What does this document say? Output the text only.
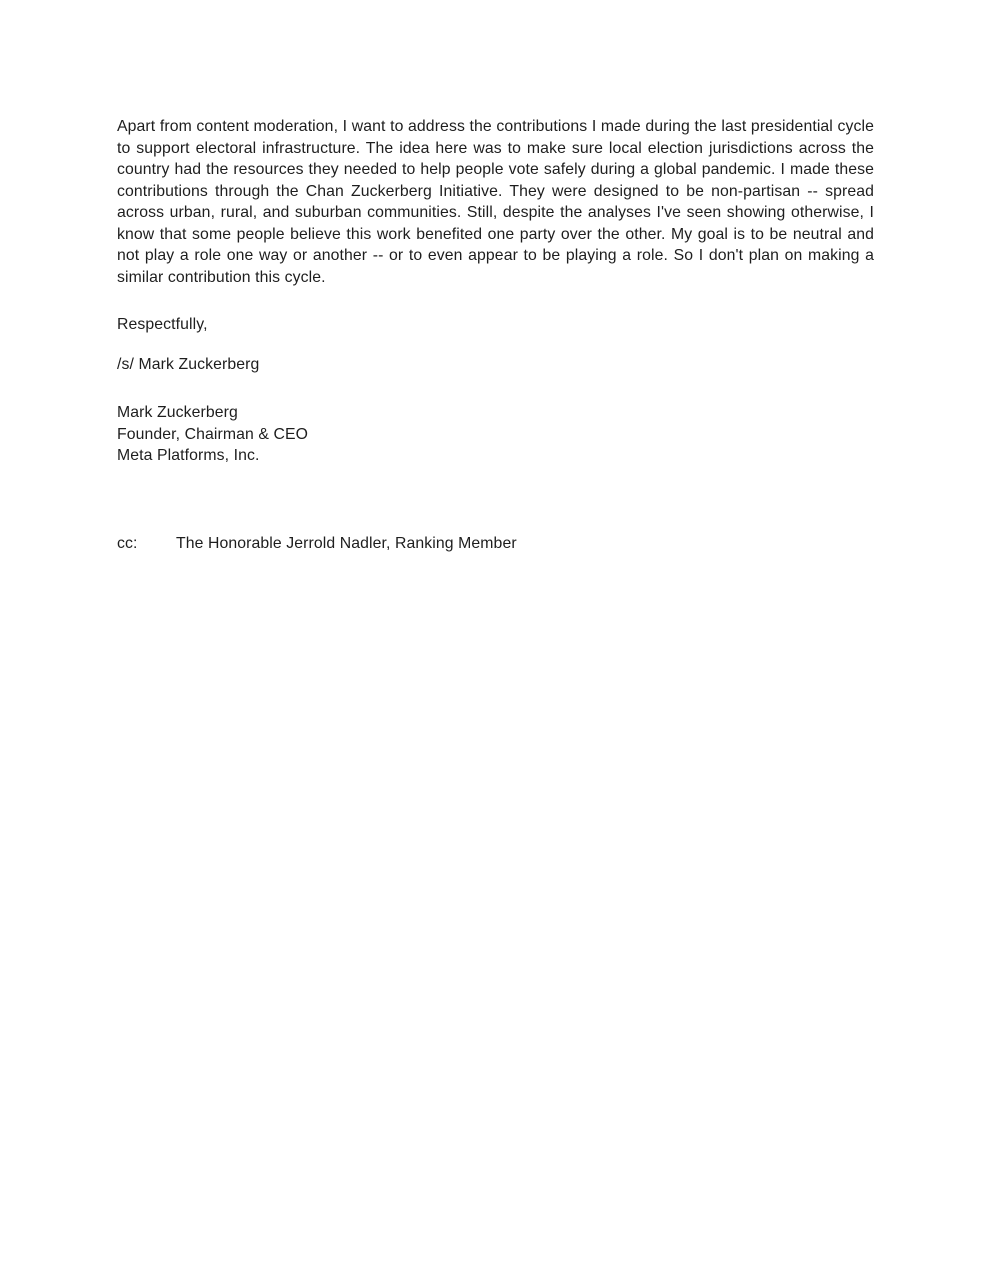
Apart from content moderation, I want to address the contributions I made during the last presidential cycle to support electoral infrastructure. The idea here was to make sure local election jurisdictions across the country had the resources they needed to help people vote safely during a global pandemic. I made these contributions through the Chan Zuckerberg Initiative. They were designed to be non-partisan -- spread across urban, rural, and suburban communities. Still, despite the analyses I've seen showing otherwise, I know that some people believe this work benefited one party over the other. My goal is to be neutral and not play a role one way or another -- or to even appear to be playing a role. So I don't plan on making a similar contribution this cycle.

Respectfully,

/s/ Mark Zuckerberg

Mark Zuckerberg
Founder, Chairman & CEO
Meta Platforms, Inc.
cc:	The Honorable Jerrold Nadler, Ranking Member
